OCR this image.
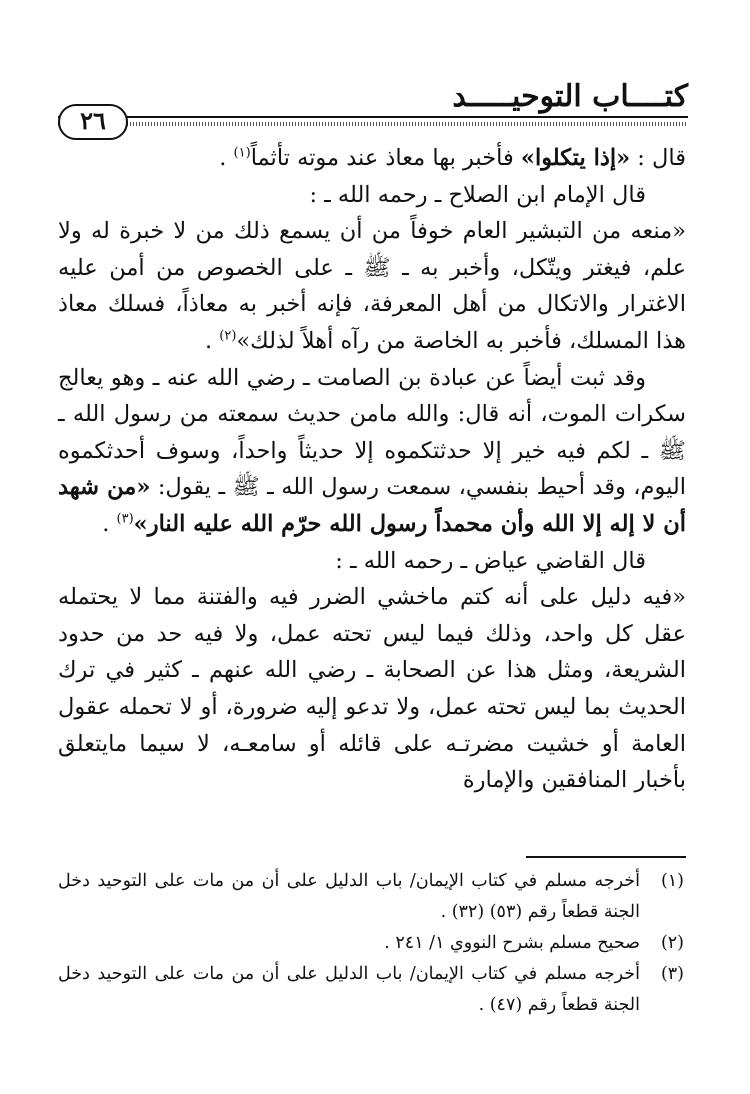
كتــــاب التوحيـــــد
٢٦

قال : «إذا يتكلوا» فأخبر بها معاذ عند موته تأثماً$^{(١)}$ .

قال الإمام ابن الصلاح ـ رحمه الله ـ :

«منعه من التبشير العام خوفاً من أن يسمع ذلك من لا خبرة له ولا علم، فيغتر ويتّكل، وأخبر به ـ ﷺ ـ على الخصوص من أمن عليه الاغترار والاتكال من أهل المعرفة، فإنه أخبر به معاذاً، فسلك معاذ هذا المسلك، فأخبر به الخاصة من رآه أهلاً لذلك»$^{(٢)}$ .

وقد ثبت أيضاً عن عبادة بن الصامت ـ رضي الله عنه ـ وهو يعالج سكرات الموت، أنه قال: والله مامن حديث سمعته من رسول الله ـ ﷺ ـ لكم فيه خير إلا حدثتكموه إلا حديثاً واحداً، وسوف أحدثكموه اليوم، وقد أحيط بنفسي، سمعت رسول الله ـ ﷺ ـ يقول: «من شهد أن لا إله إلا الله وأن محمداً رسول الله حرّم الله عليه النار»$^{(٣)}$ .

قال القاضي عياض ـ رحمه الله ـ :

«فيه دليل على أنه كتم ماخشي الضرر فيه والفتنة مما لا يحتمله عقل كل واحد، وذلك فيما ليس تحته عمل، ولا فيه حد من حدود الشريعة، ومثل هذا عن الصحابة ـ رضي الله عنهم ـ كثير في ترك الحديث بما ليس تحته عمل، ولا تدعو إليه ضرورة، أو لا تحمله عقول العامة أو خشيت مضرتـه على قائله أو سامعـه، لا سيما مايتعلق بأخبار المنافقين والإمارة

(١)
أخرجه مسلم في كتاب الإيمان/ باب الدليل على أن من مات على التوحيد دخل الجنة قطعاً رقم (٥٣) (٣٢) .
(٢)
صحيح مسلم بشرح النووي ١/ ٢٤١ .
(٣)
أخرجه مسلم في كتاب الإيمان/ باب الدليل على أن من مات على التوحيد دخل الجنة قطعاً رقم (٤٧) .
